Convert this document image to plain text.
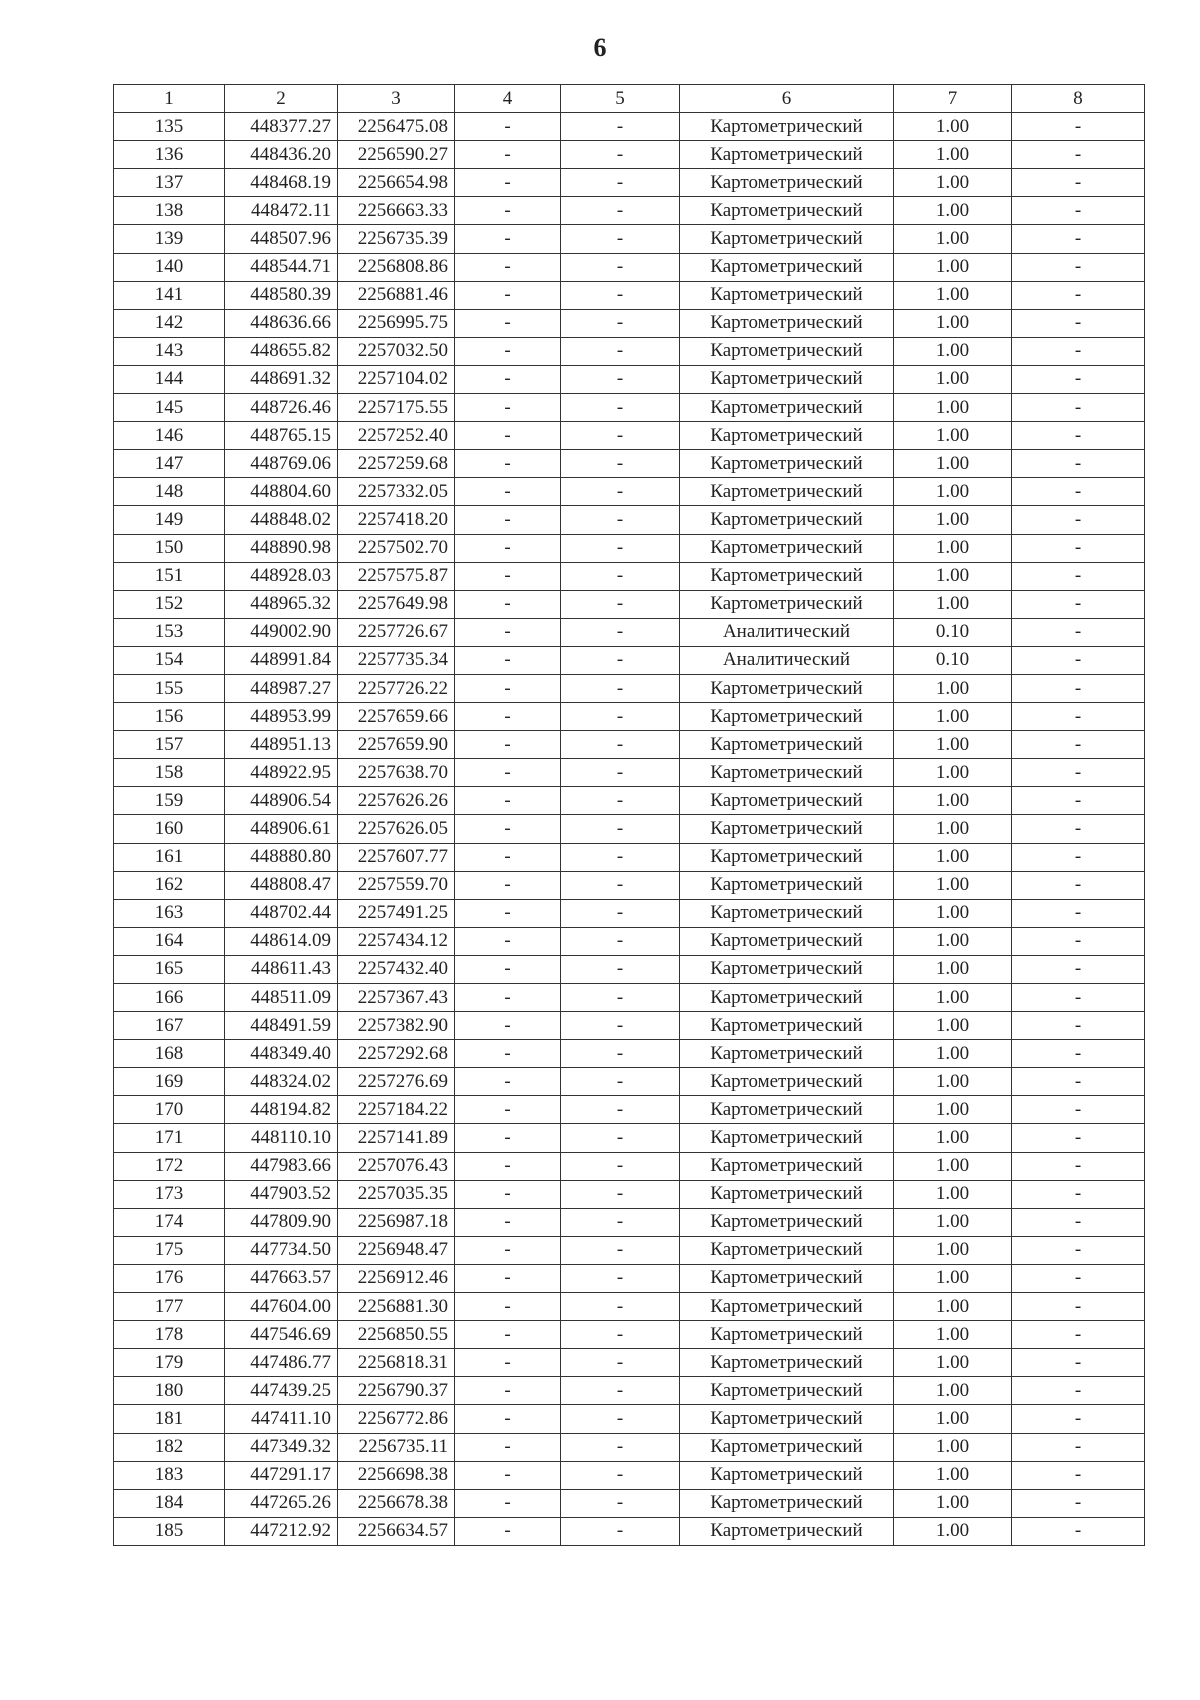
6
1	2	3	4	5	6	7	8
135	448377.27	2256475.08	-	-	Картометрический	1.00	-
136	448436.20	2256590.27	-	-	Картометрический	1.00	-
137	448468.19	2256654.98	-	-	Картометрический	1.00	-
138	448472.11	2256663.33	-	-	Картометрический	1.00	-
139	448507.96	2256735.39	-	-	Картометрический	1.00	-
140	448544.71	2256808.86	-	-	Картометрический	1.00	-
141	448580.39	2256881.46	-	-	Картометрический	1.00	-
142	448636.66	2256995.75	-	-	Картометрический	1.00	-
143	448655.82	2257032.50	-	-	Картометрический	1.00	-
144	448691.32	2257104.02	-	-	Картометрический	1.00	-
145	448726.46	2257175.55	-	-	Картометрический	1.00	-
146	448765.15	2257252.40	-	-	Картометрический	1.00	-
147	448769.06	2257259.68	-	-	Картометрический	1.00	-
148	448804.60	2257332.05	-	-	Картометрический	1.00	-
149	448848.02	2257418.20	-	-	Картометрический	1.00	-
150	448890.98	2257502.70	-	-	Картометрический	1.00	-
151	448928.03	2257575.87	-	-	Картометрический	1.00	-
152	448965.32	2257649.98	-	-	Картометрический	1.00	-
153	449002.90	2257726.67	-	-	Аналитический	0.10	-
154	448991.84	2257735.34	-	-	Аналитический	0.10	-
155	448987.27	2257726.22	-	-	Картометрический	1.00	-
156	448953.99	2257659.66	-	-	Картометрический	1.00	-
157	448951.13	2257659.90	-	-	Картометрический	1.00	-
158	448922.95	2257638.70	-	-	Картометрический	1.00	-
159	448906.54	2257626.26	-	-	Картометрический	1.00	-
160	448906.61	2257626.05	-	-	Картометрический	1.00	-
161	448880.80	2257607.77	-	-	Картометрический	1.00	-
162	448808.47	2257559.70	-	-	Картометрический	1.00	-
163	448702.44	2257491.25	-	-	Картометрический	1.00	-
164	448614.09	2257434.12	-	-	Картометрический	1.00	-
165	448611.43	2257432.40	-	-	Картометрический	1.00	-
166	448511.09	2257367.43	-	-	Картометрический	1.00	-
167	448491.59	2257382.90	-	-	Картометрический	1.00	-
168	448349.40	2257292.68	-	-	Картометрический	1.00	-
169	448324.02	2257276.69	-	-	Картометрический	1.00	-
170	448194.82	2257184.22	-	-	Картометрический	1.00	-
171	448110.10	2257141.89	-	-	Картометрический	1.00	-
172	447983.66	2257076.43	-	-	Картометрический	1.00	-
173	447903.52	2257035.35	-	-	Картометрический	1.00	-
174	447809.90	2256987.18	-	-	Картометрический	1.00	-
175	447734.50	2256948.47	-	-	Картометрический	1.00	-
176	447663.57	2256912.46	-	-	Картометрический	1.00	-
177	447604.00	2256881.30	-	-	Картометрический	1.00	-
178	447546.69	2256850.55	-	-	Картометрический	1.00	-
179	447486.77	2256818.31	-	-	Картометрический	1.00	-
180	447439.25	2256790.37	-	-	Картометрический	1.00	-
181	447411.10	2256772.86	-	-	Картометрический	1.00	-
182	447349.32	2256735.11	-	-	Картометрический	1.00	-
183	447291.17	2256698.38	-	-	Картометрический	1.00	-
184	447265.26	2256678.38	-	-	Картометрический	1.00	-
185	447212.92	2256634.57	-	-	Картометрический	1.00	-
